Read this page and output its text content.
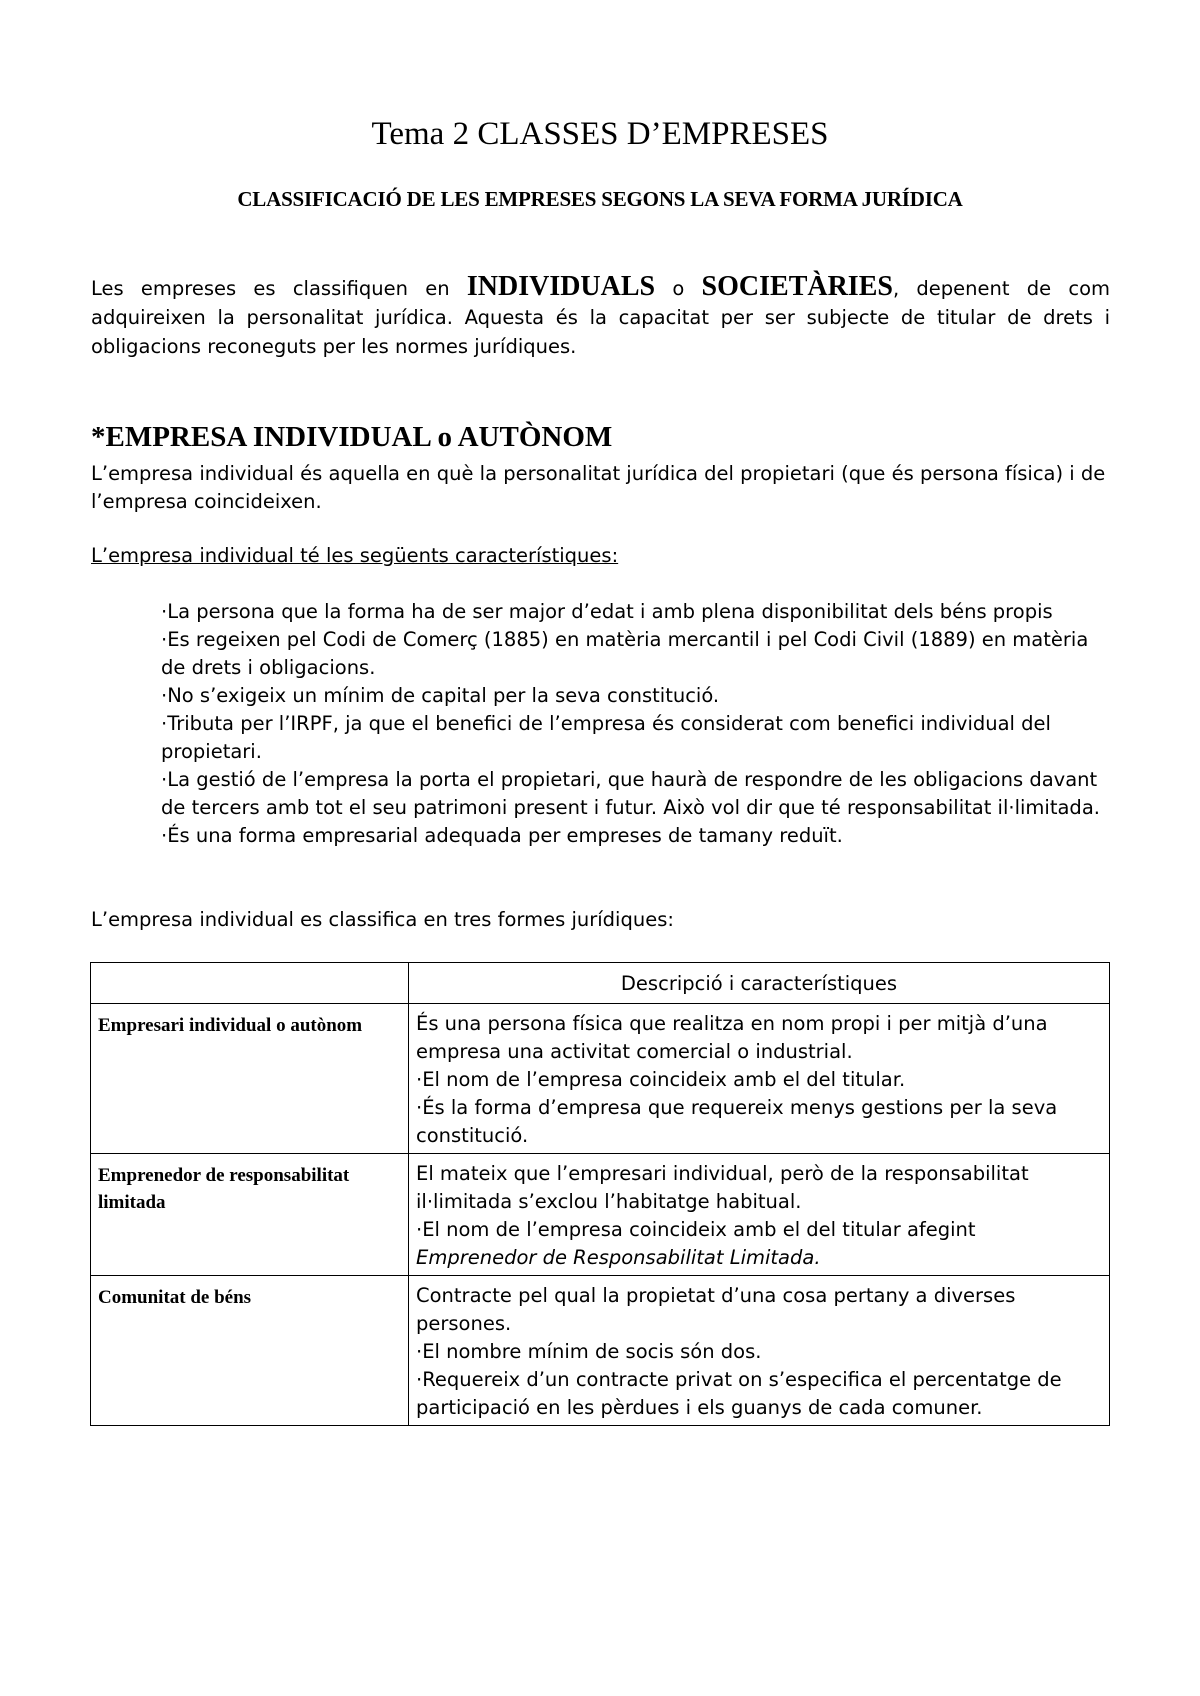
Tema 2 CLASSES D’EMPRESES
CLASSIFICACIÓ DE LES EMPRESES SEGONS LA SEVA FORMA JURÍDICA

Les empreses es classifiquen en INDIVIDUALS o SOCIETÀRIES, depenent de com adquireixen la personalitat jurídica. Aquesta és la capacitat per ser subjecte de titular de drets i obligacions reconeguts per les normes jurídiques.

*EMPRESA INDIVIDUAL o AUTÒNOM

L’empresa individual és aquella en què la personalitat jurídica del propietari (que és persona física) i de l’empresa coincideixen.

L’empresa individual té les següents característiques:

·La persona que la forma ha de ser major d’edat i amb plena disponibilitat dels béns propis
·Es regeixen pel Codi de Comerç (1885) en matèria mercantil i pel Codi Civil (1889) en matèria de drets i obligacions.
·No s’exigeix un mínim de capital per la seva constitució.
·Tributa per l’IRPF, ja que el benefici de l’empresa és considerat com benefici individual del propietari.
·La gestió de l’empresa la porta el propietari, que haurà de respondre de les obligacions davant de tercers amb tot el seu patrimoni present i futur. Això vol dir que té responsabilitat il·limitada.
·És una forma empresarial adequada per empreses de tamany reduït.

L’empresa individual es classifica en tres formes jurídiques:

	Descripció i característiques
Empresari individual o autònom	És una persona física que realitza en nom propi i per mitjà d’una empresa una activitat comercial o industrial.
·El nom de l’empresa coincideix amb el del titular.
·És la forma d’empresa que requereix menys gestions per la seva constitució.

Emprenedor de responsabilitat limitada	El mateix que l’empresari individual, però de la responsabilitat il·limitada s’exclou l’habitatge habitual.
·El nom de l’empresa coincideix amb el del titular afegint
Emprenedor de Responsabilitat Limitada.

Comunitat de béns	Contracte pel qual la propietat d’una cosa pertany a diverses persones.
·El nombre mínim de socis són dos.
·Requereix d’un contracte privat on s’especifica el percentatge de participació en les pèrdues i els guanys de cada comuner.
